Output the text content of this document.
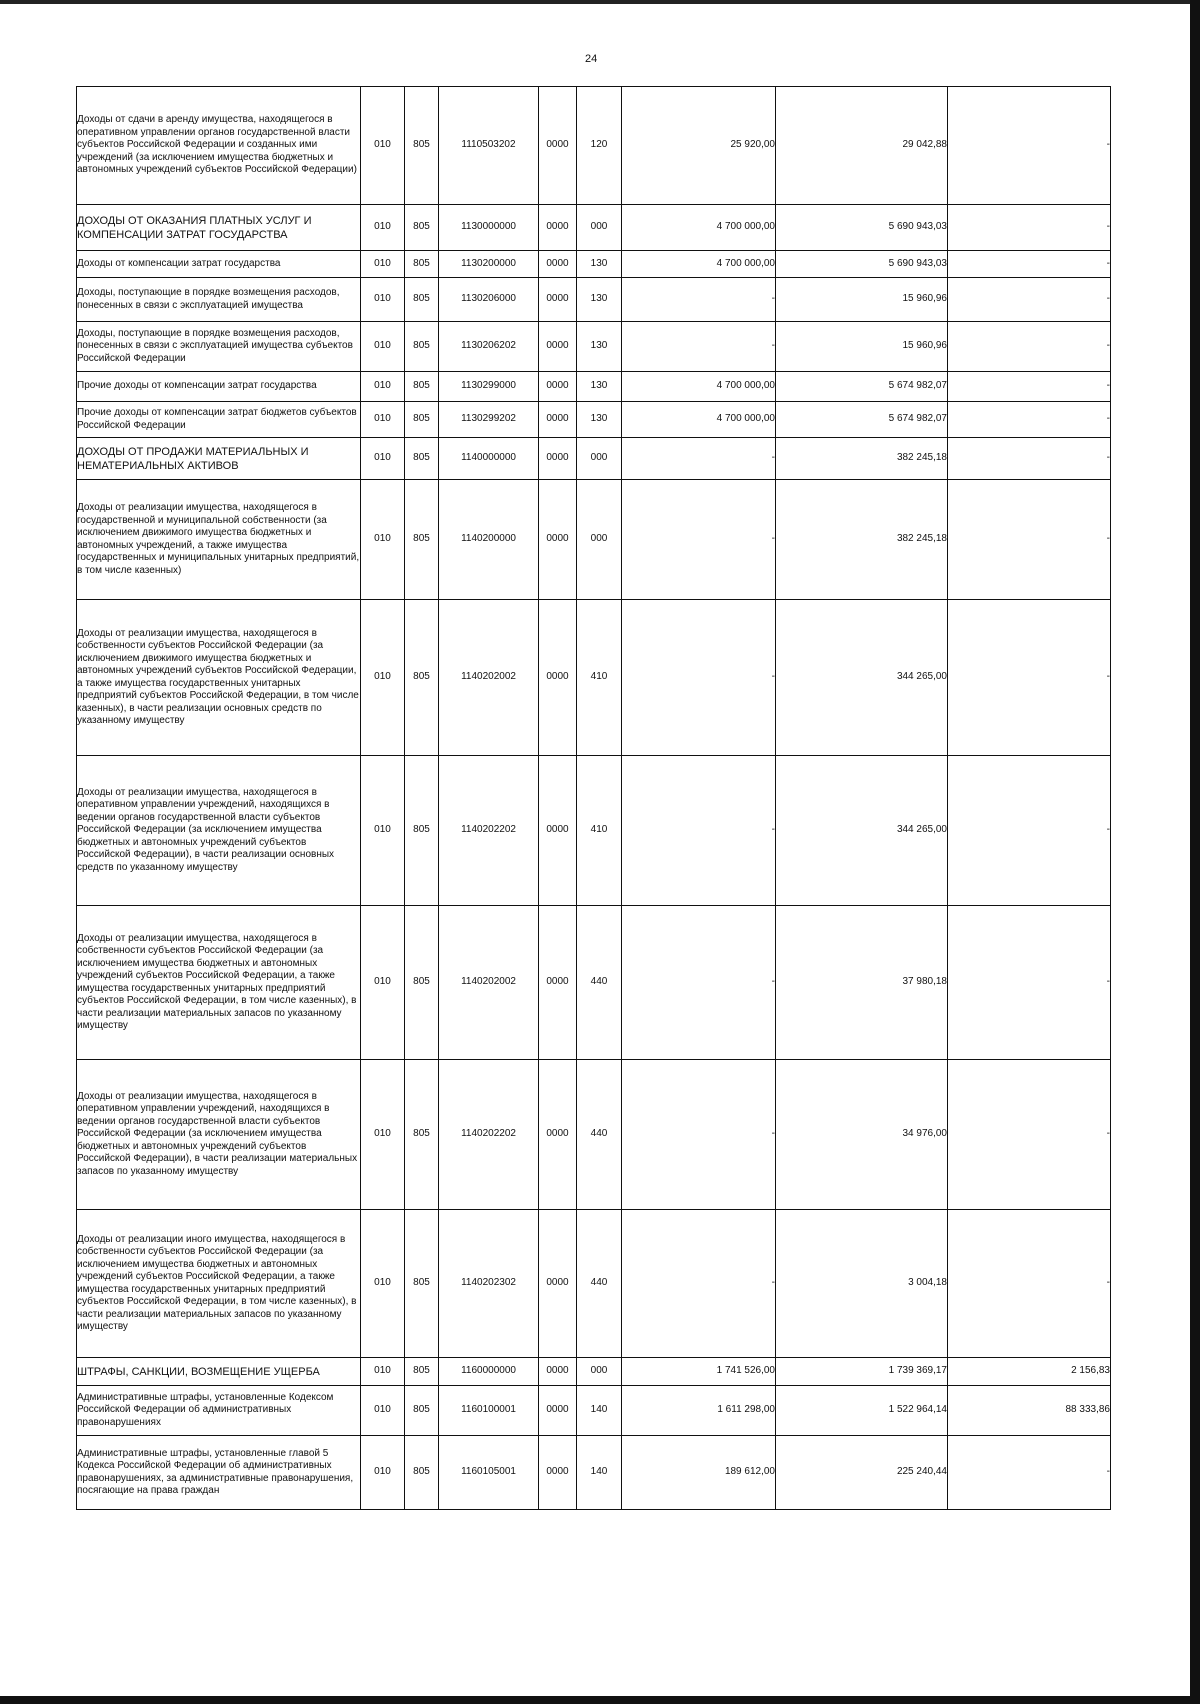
24
Доходы от сдачи в аренду имущества, находящегося в оперативном управлении органов государственной власти субъектов Российской Федерации и созданных ими учреждений (за исключением имущества бюджетных и автономных учреждений субъектов Российской Федерации)	010	805	1110503202	0000	120	25 920,00	29 042,88	-
ДОХОДЫ ОТ ОКАЗАНИЯ ПЛАТНЫХ УСЛУГ И КОМПЕНСАЦИИ ЗАТРАТ ГОСУДАРСТВА	010	805	1130000000	0000	000	4 700 000,00	5 690 943,03	-
Доходы от компенсации затрат государства	010	805	1130200000	0000	130	4 700 000,00	5 690 943,03	-
Доходы, поступающие в порядке возмещения расходов, понесенных в связи с эксплуатацией имущества	010	805	1130206000	0000	130	-	15 960,96	-
Доходы, поступающие в порядке возмещения расходов, понесенных в связи с эксплуатацией имущества субъектов Российской Федерации	010	805	1130206202	0000	130	-	15 960,96	-
Прочие доходы от компенсации затрат государства	010	805	1130299000	0000	130	4 700 000,00	5 674 982,07	-
Прочие доходы от компенсации затрат бюджетов субъектов Российской Федерации	010	805	1130299202	0000	130	4 700 000,00	5 674 982,07	-
ДОХОДЫ ОТ ПРОДАЖИ МАТЕРИАЛЬНЫХ И НЕМАТЕРИАЛЬНЫХ АКТИВОВ	010	805	1140000000	0000	000	-	382 245,18	-
Доходы от реализации имущества, находящегося в государственной и муниципальной собственности (за исключением движимого имущества бюджетных и автономных учреждений, а также имущества государственных и муниципальных унитарных предприятий, в том числе казенных)	010	805	1140200000	0000	000	-	382 245,18	-
Доходы от реализации имущества, находящегося в собственности субъектов Российской Федерации (за исключением движимого имущества бюджетных и автономных учреждений субъектов Российской Федерации, а также имущества государственных унитарных предприятий субъектов Российской Федерации, в том числе казенных), в части реализации основных средств по указанному имуществу	010	805	1140202002	0000	410	-	344 265,00	-
Доходы от реализации имущества, находящегося в оперативном управлении учреждений, находящихся в ведении органов государственной власти субъектов Российской Федерации (за исключением имущества бюджетных и автономных учреждений субъектов Российской Федерации), в части реализации основных средств по указанному имуществу	010	805	1140202202	0000	410	-	344 265,00	-
Доходы от реализации имущества, находящегося в собственности субъектов Российской Федерации (за исключением имущества бюджетных и автономных учреждений субъектов Российской Федерации, а также имущества государственных унитарных предприятий субъектов Российской Федерации, в том числе казенных), в части реализации материальных запасов по указанному имуществу	010	805	1140202002	0000	440	-	37 980,18	-
Доходы от реализации имущества, находящегося в оперативном управлении учреждений, находящихся в ведении органов государственной власти субъектов Российской Федерации (за исключением имущества бюджетных и автономных учреждений субъектов Российской Федерации), в части реализации материальных запасов по указанному имуществу	010	805	1140202202	0000	440	-	34 976,00	-
Доходы от реализации иного имущества, находящегося в собственности субъектов Российской Федерации (за исключением имущества бюджетных и автономных учреждений субъектов Российской Федерации, а также имущества государственных унитарных предприятий субъектов Российской Федерации, в том числе казенных), в части реализации материальных запасов по указанному имуществу	010	805	1140202302	0000	440	-	3 004,18	-
ШТРАФЫ, САНКЦИИ, ВОЗМЕЩЕНИЕ УЩЕРБА	010	805	1160000000	0000	000	1 741 526,00	1 739 369,17	2 156,83
Административные штрафы, установленные Кодексом Российской Федерации об административных правонарушениях	010	805	1160100001	0000	140	1 611 298,00	1 522 964,14	88 333,86
Административные штрафы, установленные главой 5 Кодекса Российской Федерации об административных правонарушениях, за административные правонарушения, посягающие на права граждан	010	805	1160105001	0000	140	189 612,00	225 240,44	-
